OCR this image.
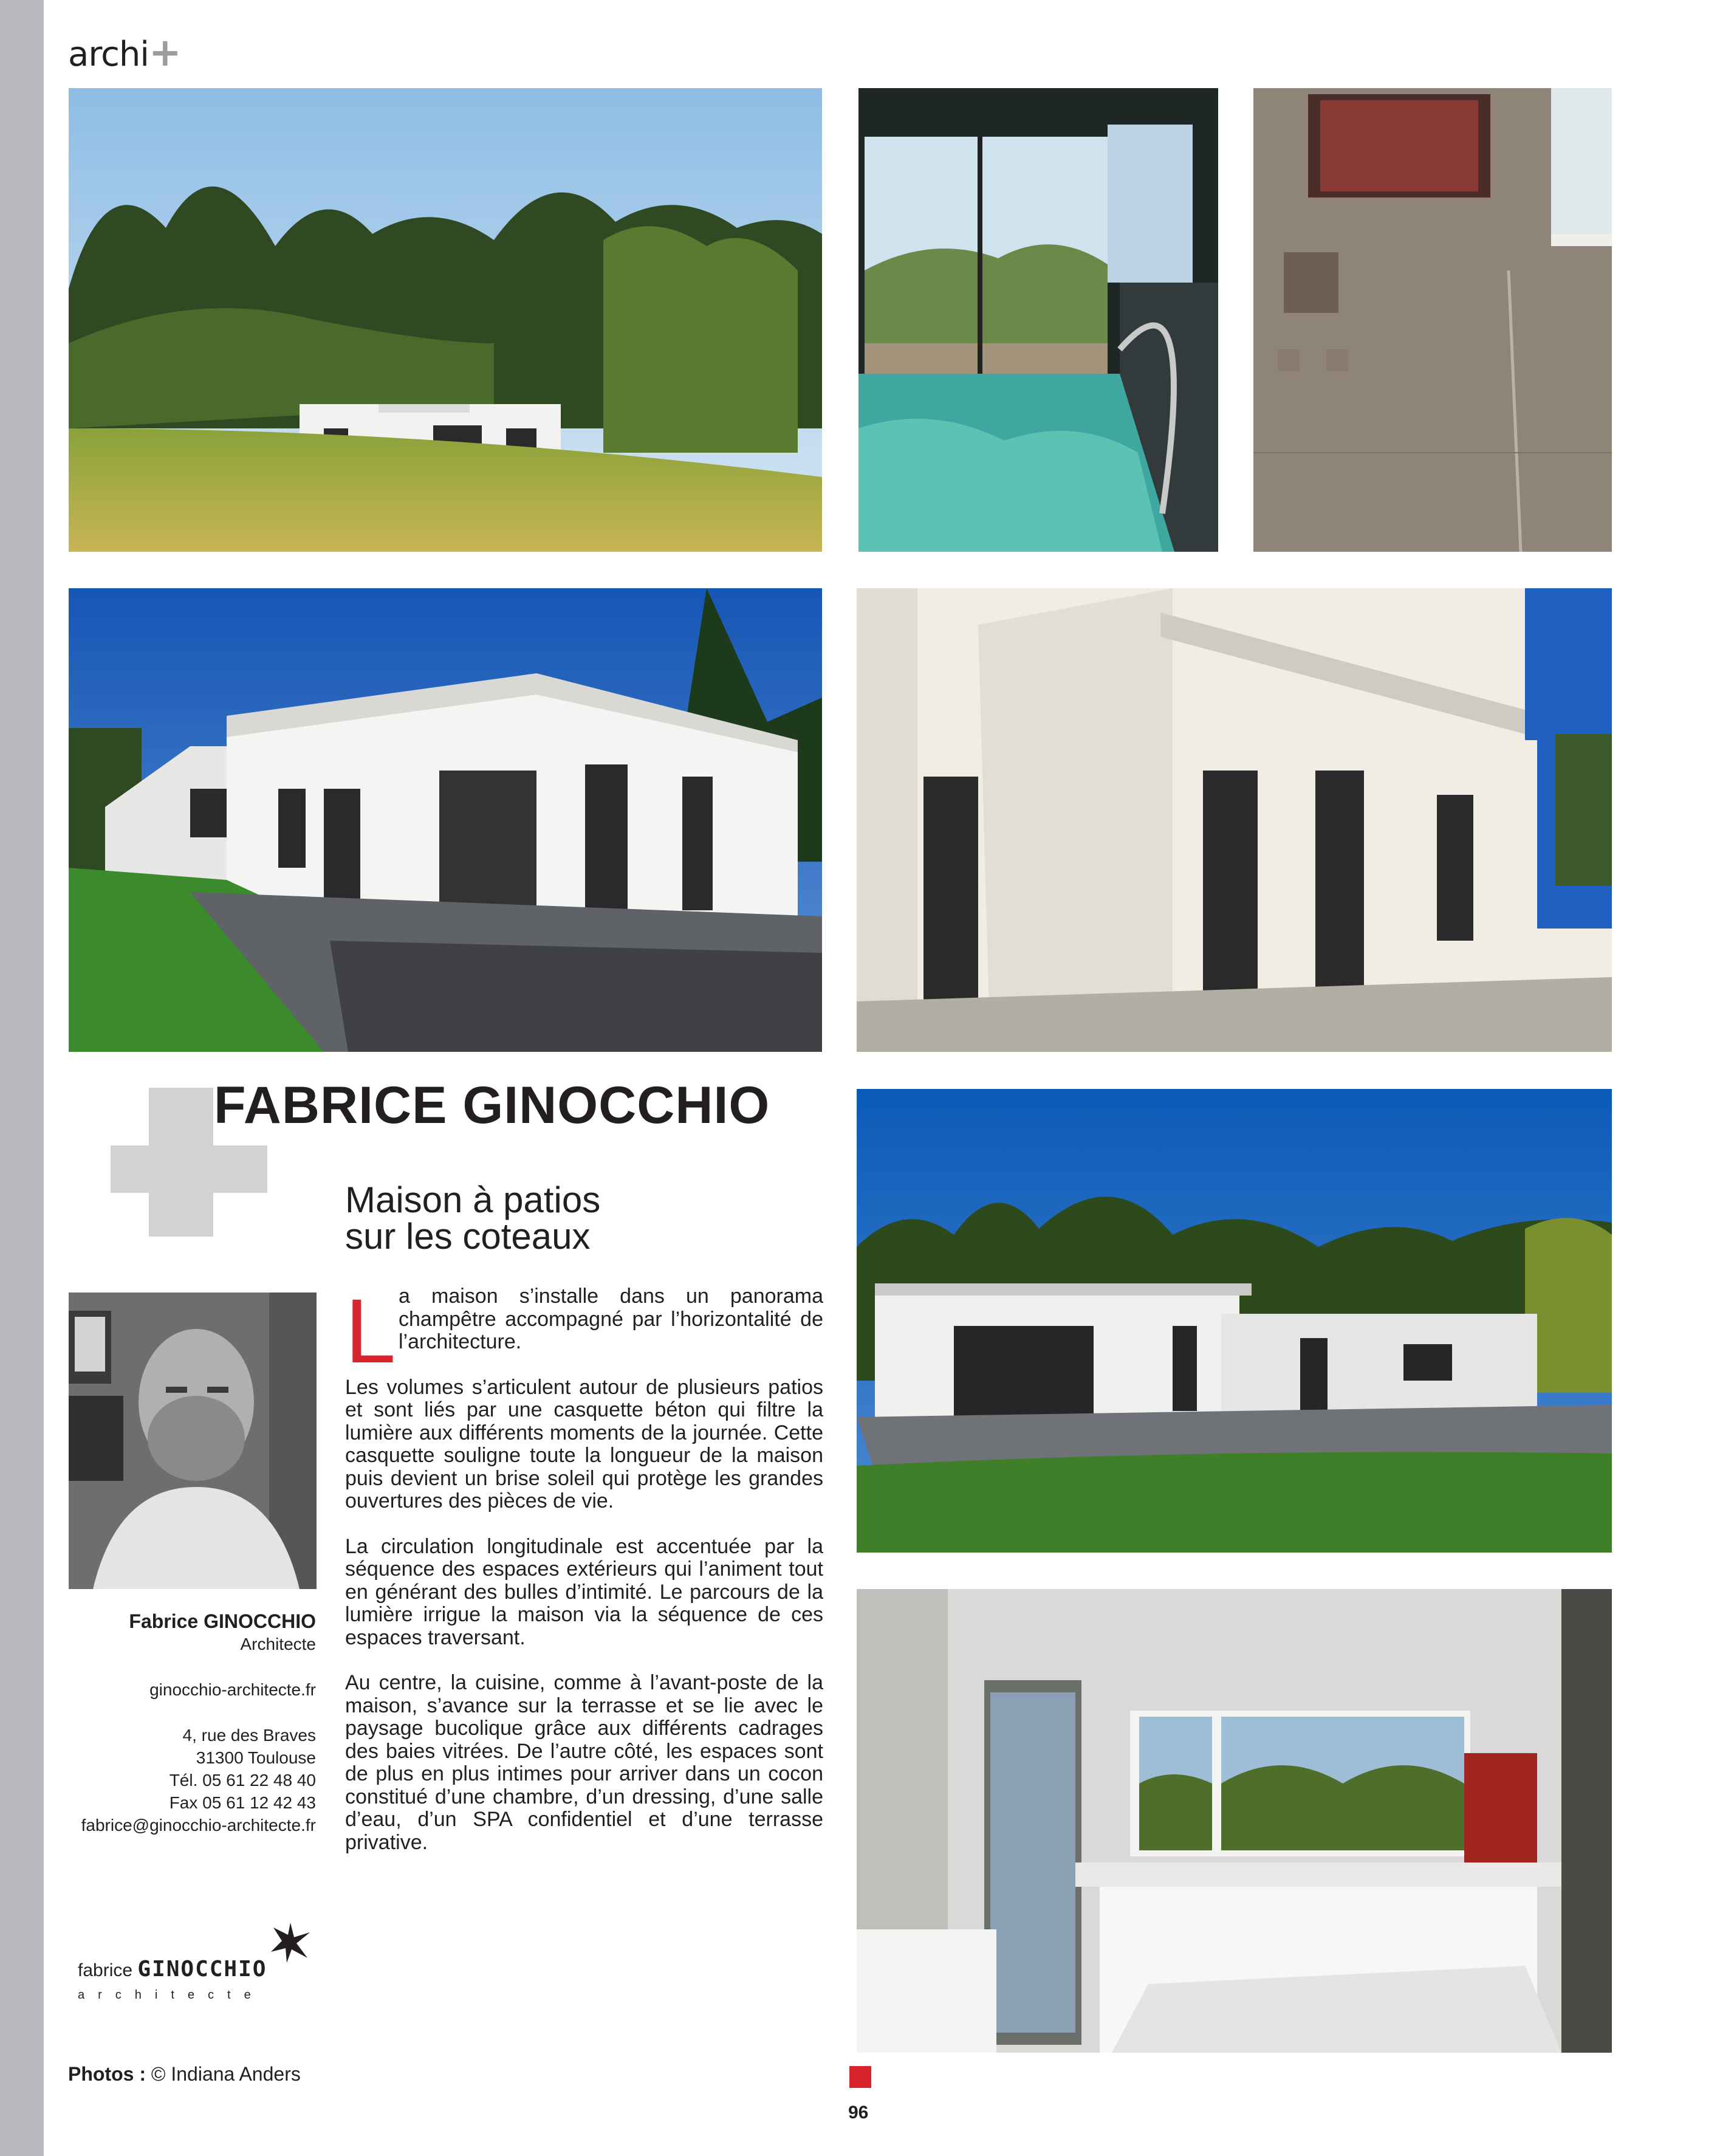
archi+
FABRICE GINOCCHIO
Maison à patios
sur les coteaux
L a maison s’installe dans un panorama champêtre accompagné par l’horizontalité de l’architecture.

Les volumes s’articulent autour de plusieurs patios et sont liés par une casquette béton qui filtre la lumière aux différents moments de la journée. Cette casquette souligne toute la longueur de la maison puis devient un brise soleil qui protège les grandes ouvertures des pièces de vie.

La circulation longitudinale est accentuée par la séquence des espaces extérieurs qui l’animent tout en générant des bulles d’intimité. Le parcours de la lumière irrigue la maison via la séquence de ces espaces traversant.

Au centre, la cuisine, comme à l’avant-poste de la maison, s’avance sur la terrasse et se lie avec le paysage bucolique grâce aux différents cadrages des baies vitrées. De l’autre côté, les espaces sont de plus en plus intimes pour arriver dans un cocon constitué d’une chambre, d’un dressing, d’une salle d’eau, d’un SPA confidentiel et d’une terrasse privative.

Fabrice GINOCCHIO
Architecte
ginocchio-architecte.fr
4, rue des Braves
31300 Toulouse
Tél. 05 61 22 48 40
Fax 05 61 12 42 43
fabrice@ginocchio-architecte.fr
fabrice GINOCCHIO
architecte
Photos : © Indiana Anders
96
